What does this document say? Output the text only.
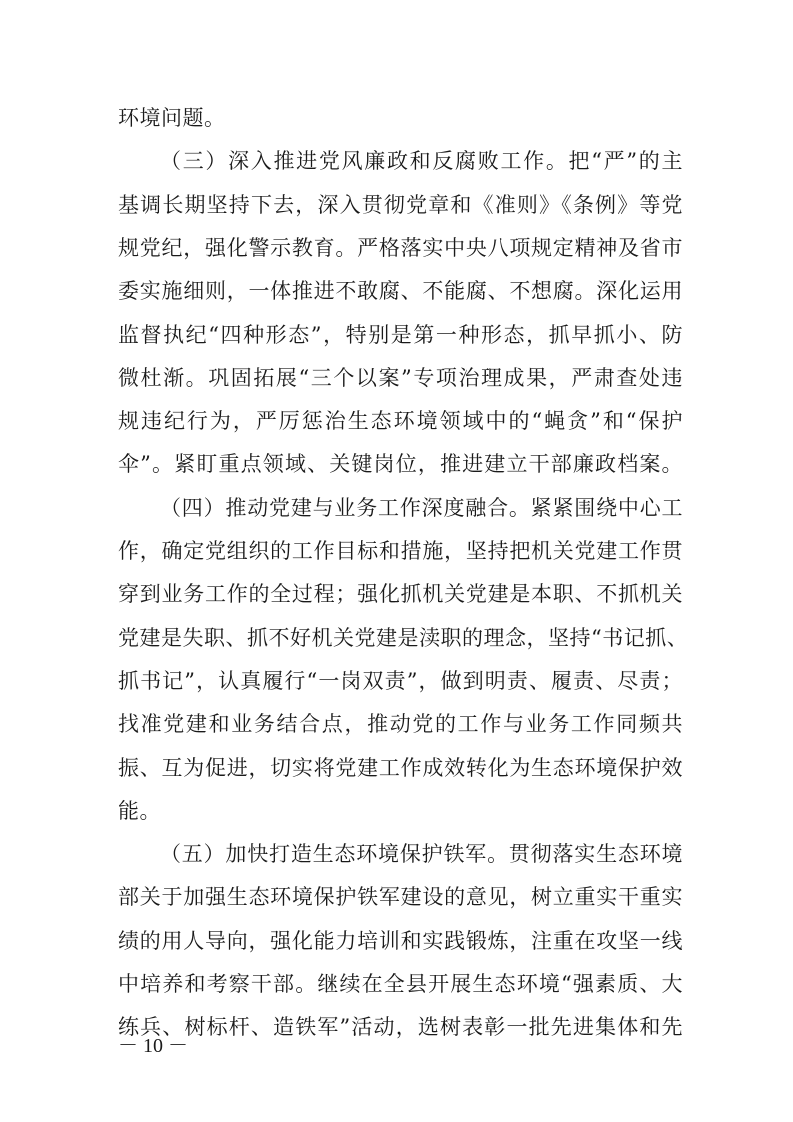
环境问题。
（三）深入推进党风廉政和反腐败工作。把“严”的主
基调长期坚持下去，深入贯彻党章和《准则》《条例》等党
规党纪，强化警示教育。严格落实中央八项规定精神及省市
委实施细则，一体推进不敢腐、不能腐、不想腐。深化运用
监督执纪“四种形态”，特别是第一种形态，抓早抓小、防
微杜渐。巩固拓展“三个以案”专项治理成果，严肃查处违
规违纪行为，严厉惩治生态环境领域中的“蝇贪”和“保护
伞”。紧盯重点领域、关键岗位，推进建立干部廉政档案。
（四）推动党建与业务工作深度融合。紧紧围绕中心工
作，确定党组织的工作目标和措施，坚持把机关党建工作贯
穿到业务工作的全过程；强化抓机关党建是本职、不抓机关
党建是失职、抓不好机关党建是渎职的理念，坚持“书记抓、
抓书记”，认真履行“一岗双责”，做到明责、履责、尽责；
找准党建和业务结合点，推动党的工作与业务工作同频共
振、互为促进，切实将党建工作成效转化为生态环境保护效
能。
（五）加快打造生态环境保护铁军。贯彻落实生态环境
部关于加强生态环境保护铁军建设的意见，树立重实干重实
绩的用人导向，强化能力培训和实践锻炼，注重在攻坚一线
－ 10 －
中培养和考察干部。继续在全县开展生态环境“强素质、大
练兵、树标杆、造铁军”活动，选树表彰一批先进集体和先
